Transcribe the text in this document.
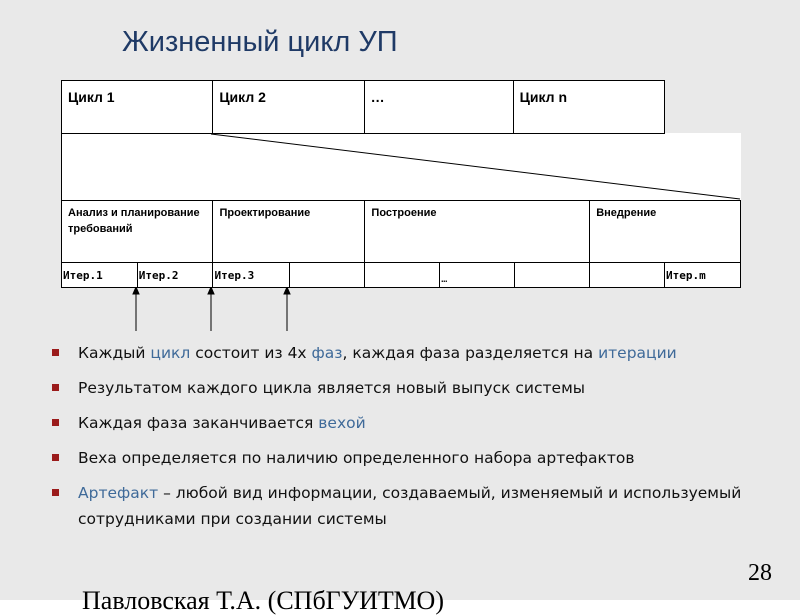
Жизненный цикл УП
Цикл 1	Цикл 2	…	Цикл n
Анализ и планирование требований		Проектирование		Построение			Внедрение	
Итер.1	Итер.2	Итер.3			…			Итер.m
Каждый цикл состоит из 4х фаз, каждая фаза разделяется на итерации
Результатом каждого цикла является новый выпуск системы
Каждая фаза заканчивается вехой
Веха определяется по наличию определенного набора артефактов
Артефакт – любой вид информации, создаваемый, изменяемый и используемый сотрудниками при создании системы
28
Павловская Т.А. (СПбГУИТМО)
